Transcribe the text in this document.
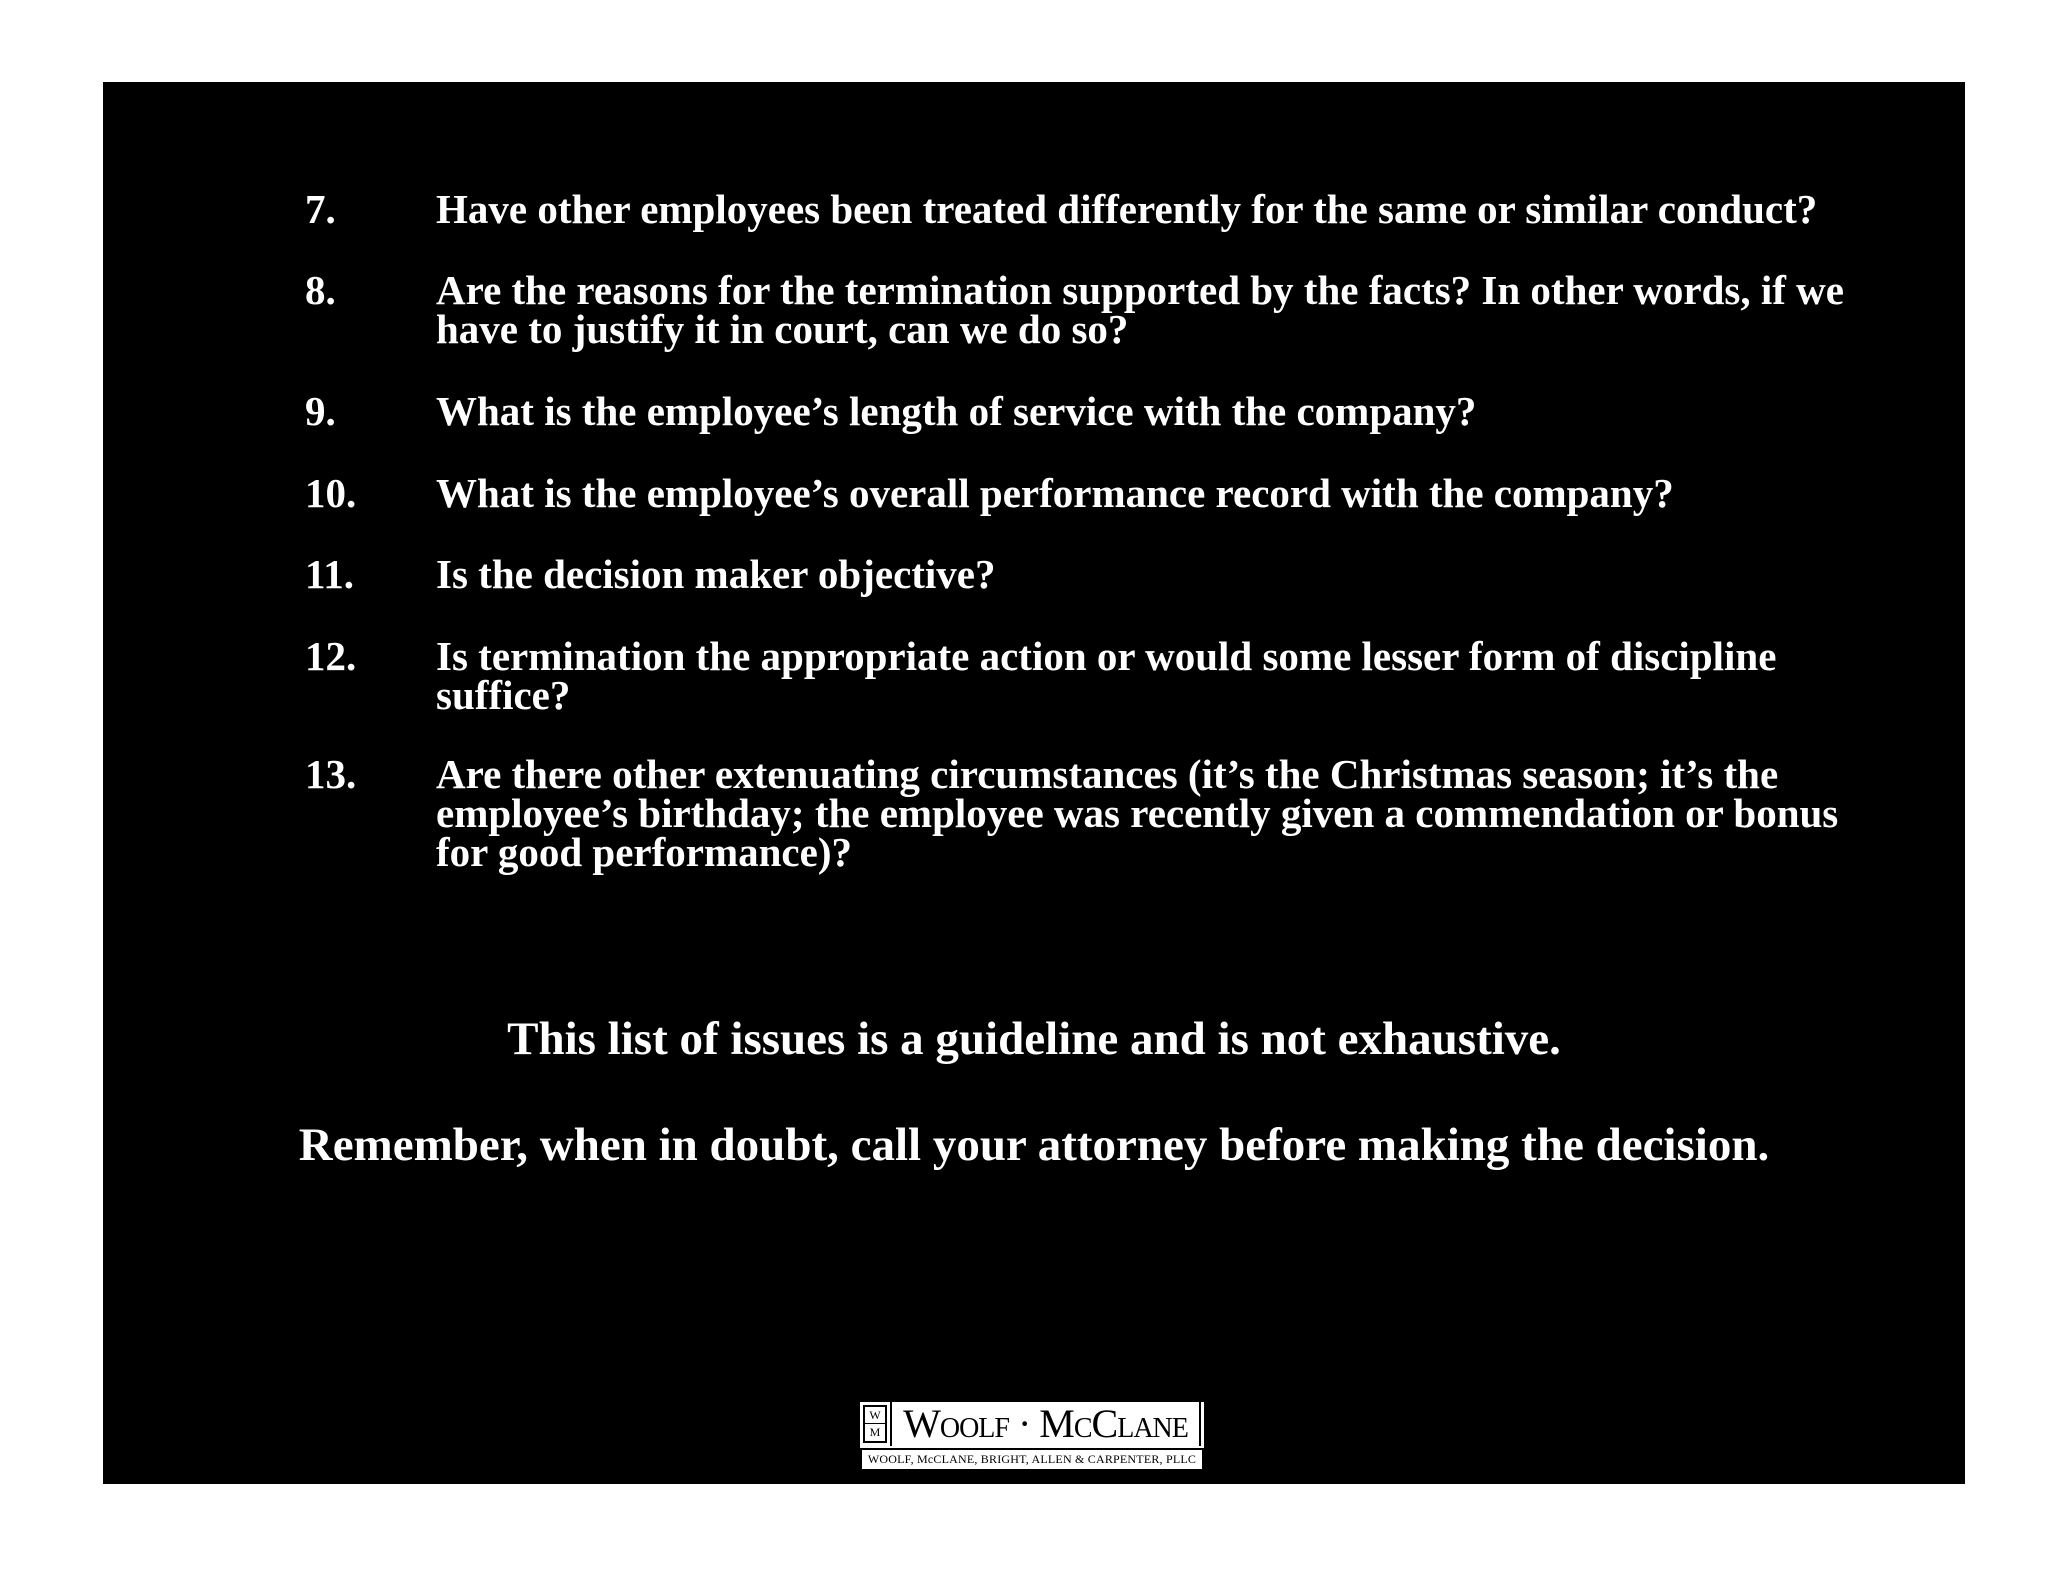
7. Have other employees been treated differently for the same or similar conduct?
8. Are the reasons for the termination supported by the facts? In other words, if we have to justify it in court, can we do so?
9. What is the employee’s length of service with the company?
10. What is the employee’s overall performance record with the company?
11. Is the decision maker objective?
12. Is termination the appropriate action or would some lesser form of discipline suffice?
13. Are there other extenuating circumstances (it’s the Christmas season; it’s the employee’s birthday; the employee was recently given a commendation or bonus for good performance)?
This list of issues is a guideline and is not exhaustive.
Remember, when in doubt, call your attorney before making the decision.
W
M Woolf · McClane
WOOLF, McCLANE, BRIGHT, ALLEN & CARPENTER, PLLC
